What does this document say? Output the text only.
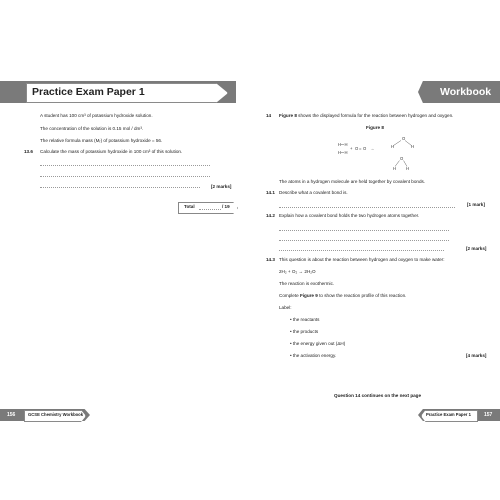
Practice Exam Paper 1	Workbook
A student has 100 cm³ of potassium hydroxide solution.
The concentration of the solution is 0.15 mol / dm³.
The relative formula mass (Mᵣ) of potassium hydroxide = 56.
13.6 Calculate the mass of potassium hydroxide in 100 cm³ of this solution.
[2 marks]
Total	/ 19
14 Figure 8 shows the displayed formula for the reaction between hydrogen and oxygen.
Figure 8
H
H
H
H
+ O = O →
O
H	H
O
H H
The atoms in a hydrogen molecule are held together by covalent bonds.
14.1 Describe what a covalent bond is.
[1 mark]
14.2 Explain how a covalent bond holds the two hydrogen atoms together.
[2 marks]
14.3 This question is about the reaction between hydrogen and oxygen to make water:
2H₂ + O₂ → 2H₂O
The reaction is exothermic.
Complete Figure 9 to show the reaction profile of this reaction.
Label:
• the reactants
• the products
• the energy given out (ΔH)
• the activation energy.	[4 marks]
Question 14 continues on the next page
156	GCSE Chemistry Workbook	Practice Exam Paper 1	157
